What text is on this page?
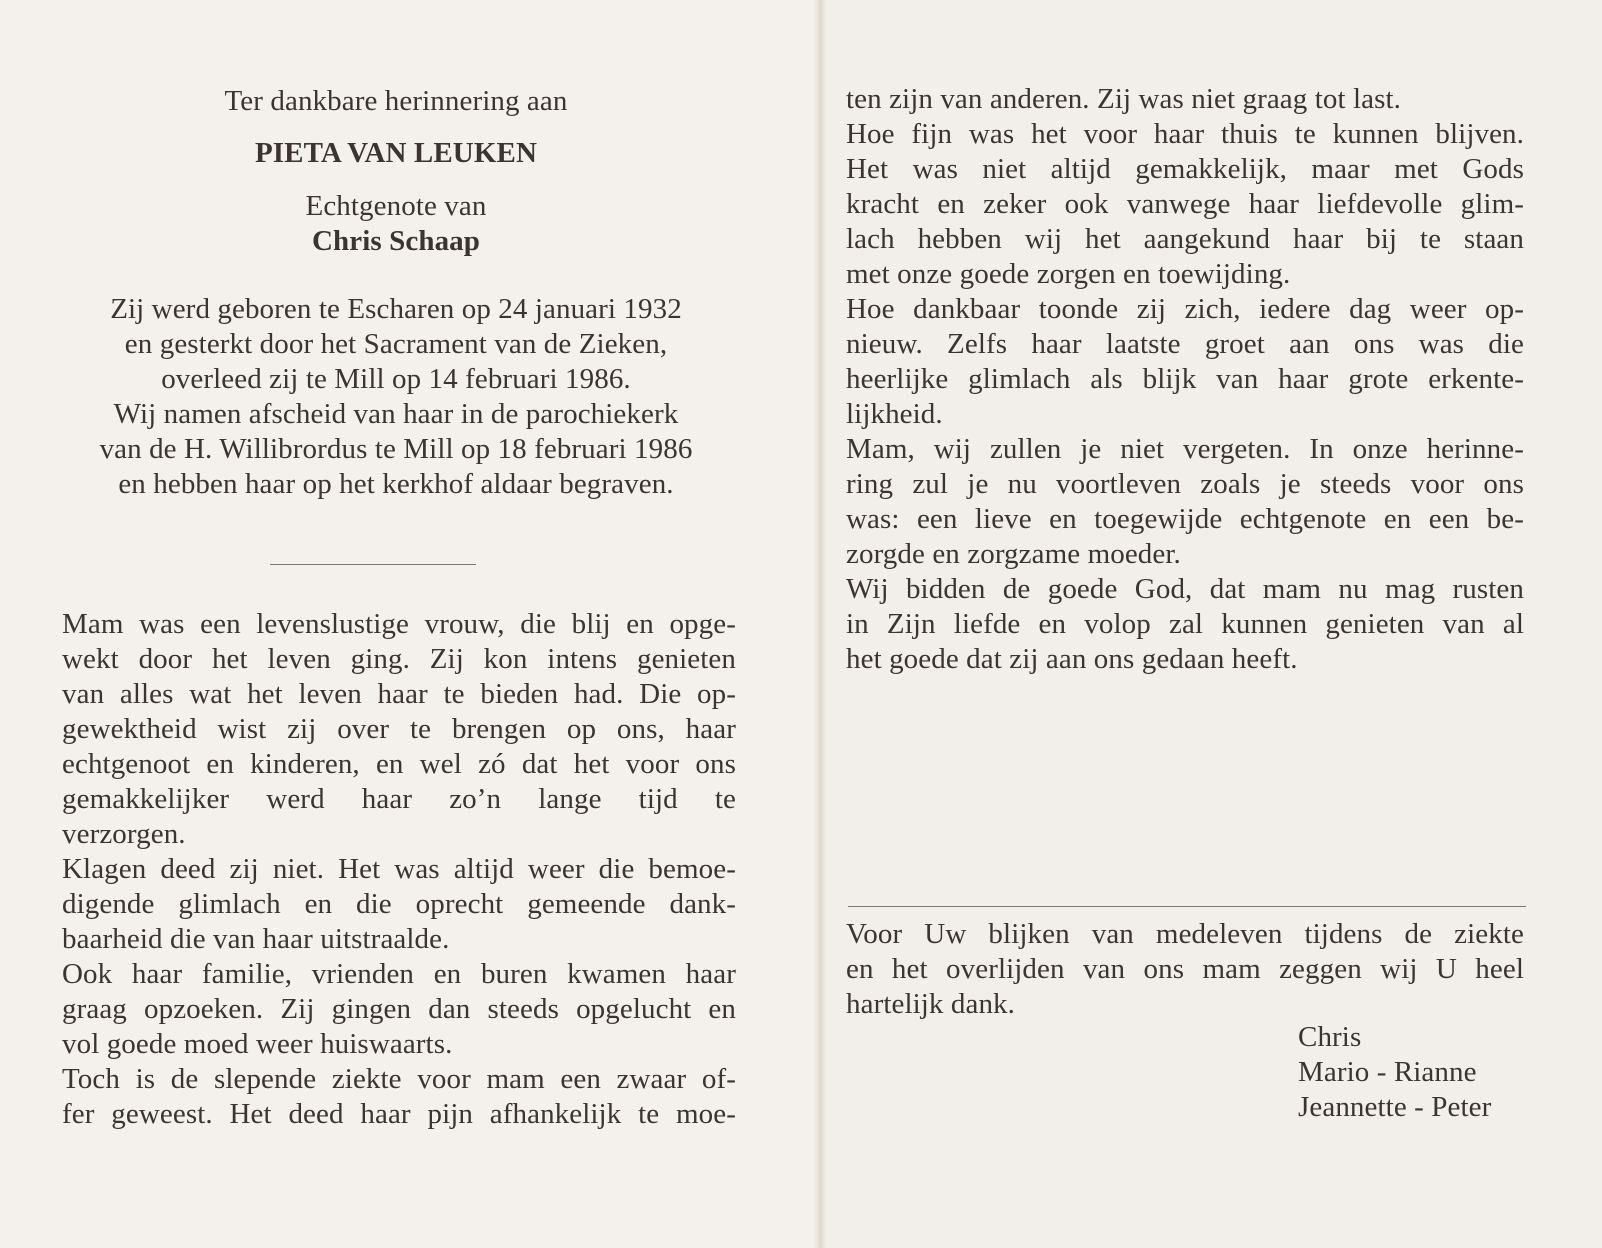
Ter dankbare herinnering aan
PIETA VAN LEUKEN
Echtgenote van
Chris Schaap
Zij werd geboren te Escharen op 24 januari 1932
en gesterkt door het Sacrament van de Zieken,
overleed zij te Mill op 14 februari 1986.
Wij namen afscheid van haar in de parochiekerk
van de H. Willibrordus te Mill op 18 februari 1986
en hebben haar op het kerkhof aldaar begraven.
Mam was een levenslustige vrouw, die blij en opge-
wekt door het leven ging. Zij kon intens genieten
van alles wat het leven haar te bieden had. Die op-
gewektheid wist zij over te brengen op ons, haar
echtgenoot en kinderen, en wel zó dat het voor ons
gemakkelijker werd haar zo’n lange tijd te
verzorgen.
Klagen deed zij niet. Het was altijd weer die bemoe-
digende glimlach en die oprecht gemeende dank-
baarheid die van haar uitstraalde.
Ook haar familie, vrienden en buren kwamen haar
graag opzoeken. Zij gingen dan steeds opgelucht en
vol goede moed weer huiswaarts.
Toch is de slepende ziekte voor mam een zwaar of-
fer geweest. Het deed haar pijn afhankelijk te moe-
ten zijn van anderen. Zij was niet graag tot last.
Hoe fijn was het voor haar thuis te kunnen blijven.
Het was niet altijd gemakkelijk, maar met Gods
kracht en zeker ook vanwege haar liefdevolle glim-
lach hebben wij het aangekund haar bij te staan
met onze goede zorgen en toewijding.
Hoe dankbaar toonde zij zich, iedere dag weer op-
nieuw. Zelfs haar laatste groet aan ons was die
heerlijke glimlach als blijk van haar grote erkente-
lijkheid.
Mam, wij zullen je niet vergeten. In onze herinne-
ring zul je nu voortleven zoals je steeds voor ons
was: een lieve en toegewijde echtgenote en een be-
zorgde en zorgzame moeder.
Wij bidden de goede God, dat mam nu mag rusten
in Zijn liefde en volop zal kunnen genieten van al
het goede dat zij aan ons gedaan heeft.
Voor Uw blijken van medeleven tijdens de ziekte
en het overlijden van ons mam zeggen wij U heel
hartelijk dank.
Chris
Mario - Rianne
Jeannette - Peter
